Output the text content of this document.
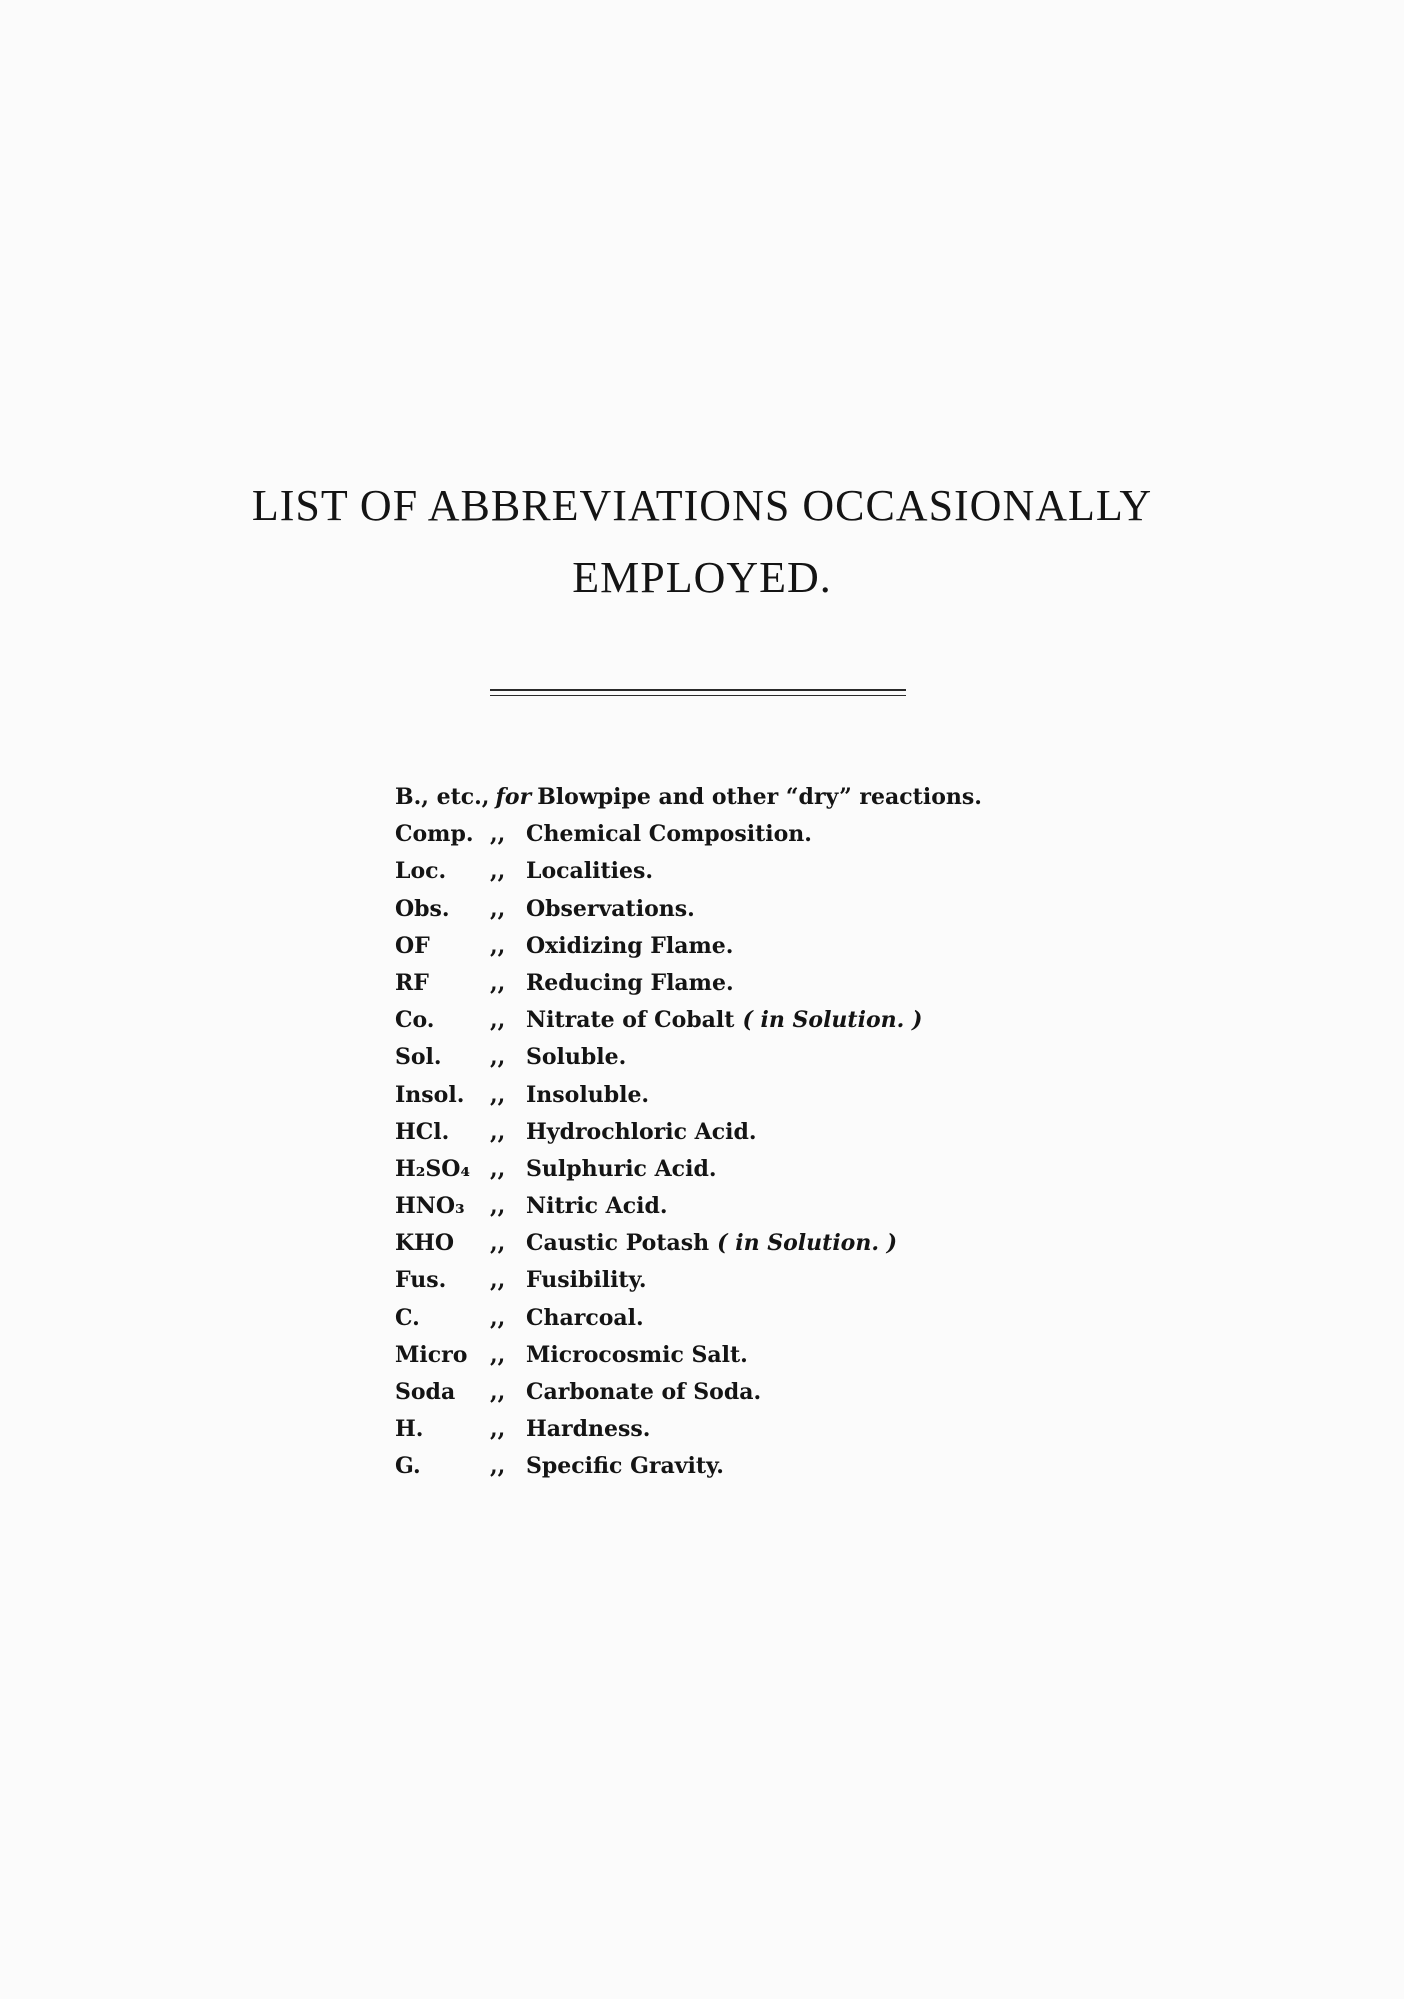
LIST OF ABBREVIATIONS OCCASIONALLY
EMPLOYED.
B., etc., for Blowpipe and other “dry” reactions.
Comp. ,, Chemical Composition.
Loc.	,, Localities.
Obs.	,, Observations.
OF	,, Oxidizing Flame.
RF	,, Reducing Flame.
Co.	,, Nitrate of Cobalt ( in Solution. )
Sol.	,, Soluble.
Insol.	,, Insoluble.
HCl.	,, Hydrochloric Acid.
H₂SO₄ ,, Sulphuric Acid.
HNO₃	,, Nitric Acid.
KHO	,, Caustic Potash ( in Solution. )
Fus.	,, Fusibility.
C.	,, Charcoal.
Micro	,, Microcosmic Salt.
Soda	,, Carbonate of Soda.
H.	,, Hardness.
G.	,, Specific Gravity.
